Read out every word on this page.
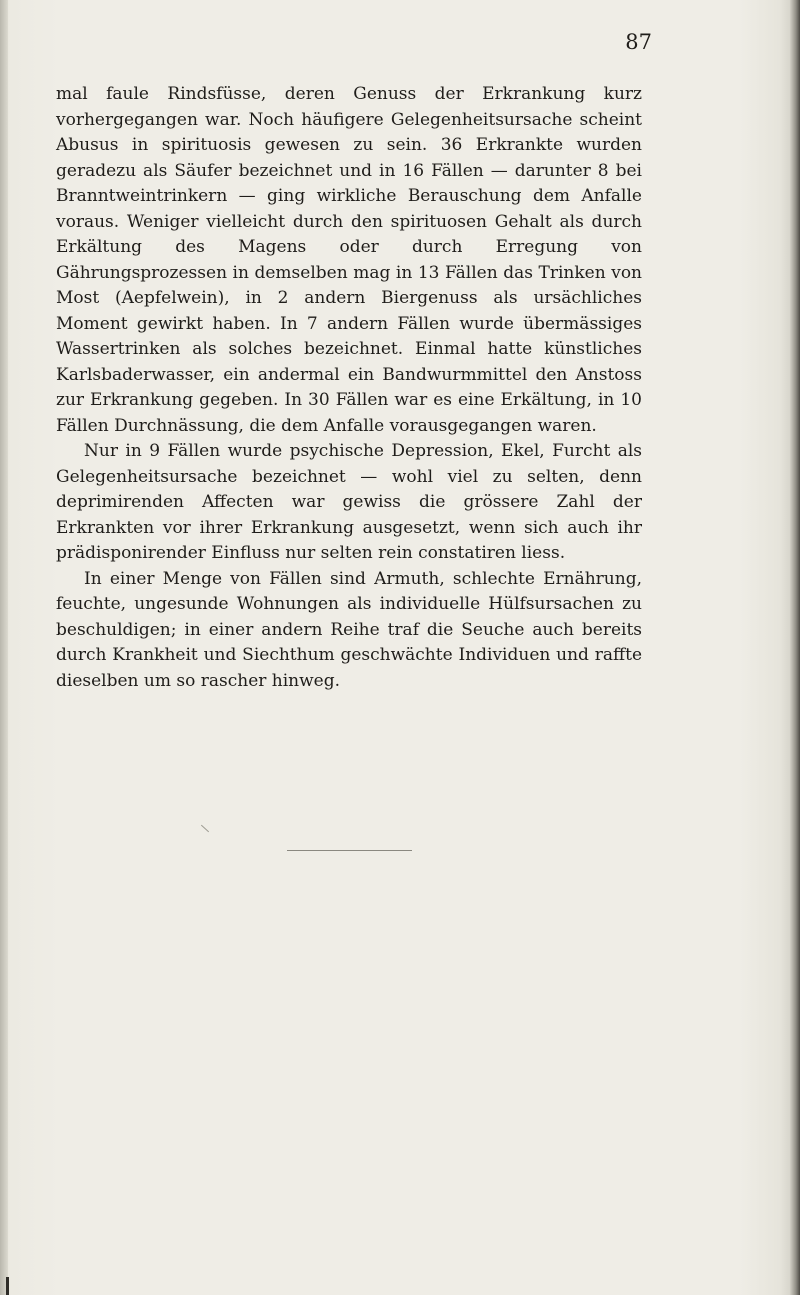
87

mal faule Rindsfüsse, deren Genuss der Erkrankung kurz vorhergegangen war. Noch häufigere Gelegenheitsursache scheint Abusus in spirituosis gewesen zu sein. 36 Erkrankte wurden geradezu als Säufer bezeichnet und in 16 Fällen — darunter 8 bei Branntweintrinkern — ging wirkliche Berauschung dem Anfalle voraus. Weniger vielleicht durch den spirituosen Gehalt als durch Erkältung des Magens oder durch Erregung von Gährungsprozessen in demselben mag in 13 Fällen das Trinken von Most (Aepfelwein), in 2 andern Biergenuss als ursächliches Moment gewirkt haben. In 7 andern Fällen wurde übermässiges Wassertrinken als solches bezeichnet. Einmal hatte künstliches Karlsbaderwasser, ein andermal ein Bandwurmmittel den Anstoss zur Erkrankung gegeben. In 30 Fällen war es eine Erkältung, in 10 Fällen Durchnässung, die dem Anfalle vorausgegangen waren.

Nur in 9 Fällen wurde psychische Depression, Ekel, Furcht als Gelegenheitsursache bezeichnet — wohl viel zu selten, denn deprimirenden Affecten war gewiss die grössere Zahl der Erkrankten vor ihrer Erkrankung ausgesetzt, wenn sich auch ihr prädisponirender Einfluss nur selten rein constatiren liess.

In einer Menge von Fällen sind Armuth, schlechte Ernährung, feuchte, ungesunde Wohnungen als individuelle Hülfsursachen zu beschuldigen; in einer andern Reihe traf die Seuche auch bereits durch Krankheit und Siechthum geschwächte Individuen und raffte dieselben um so rascher hinweg.
